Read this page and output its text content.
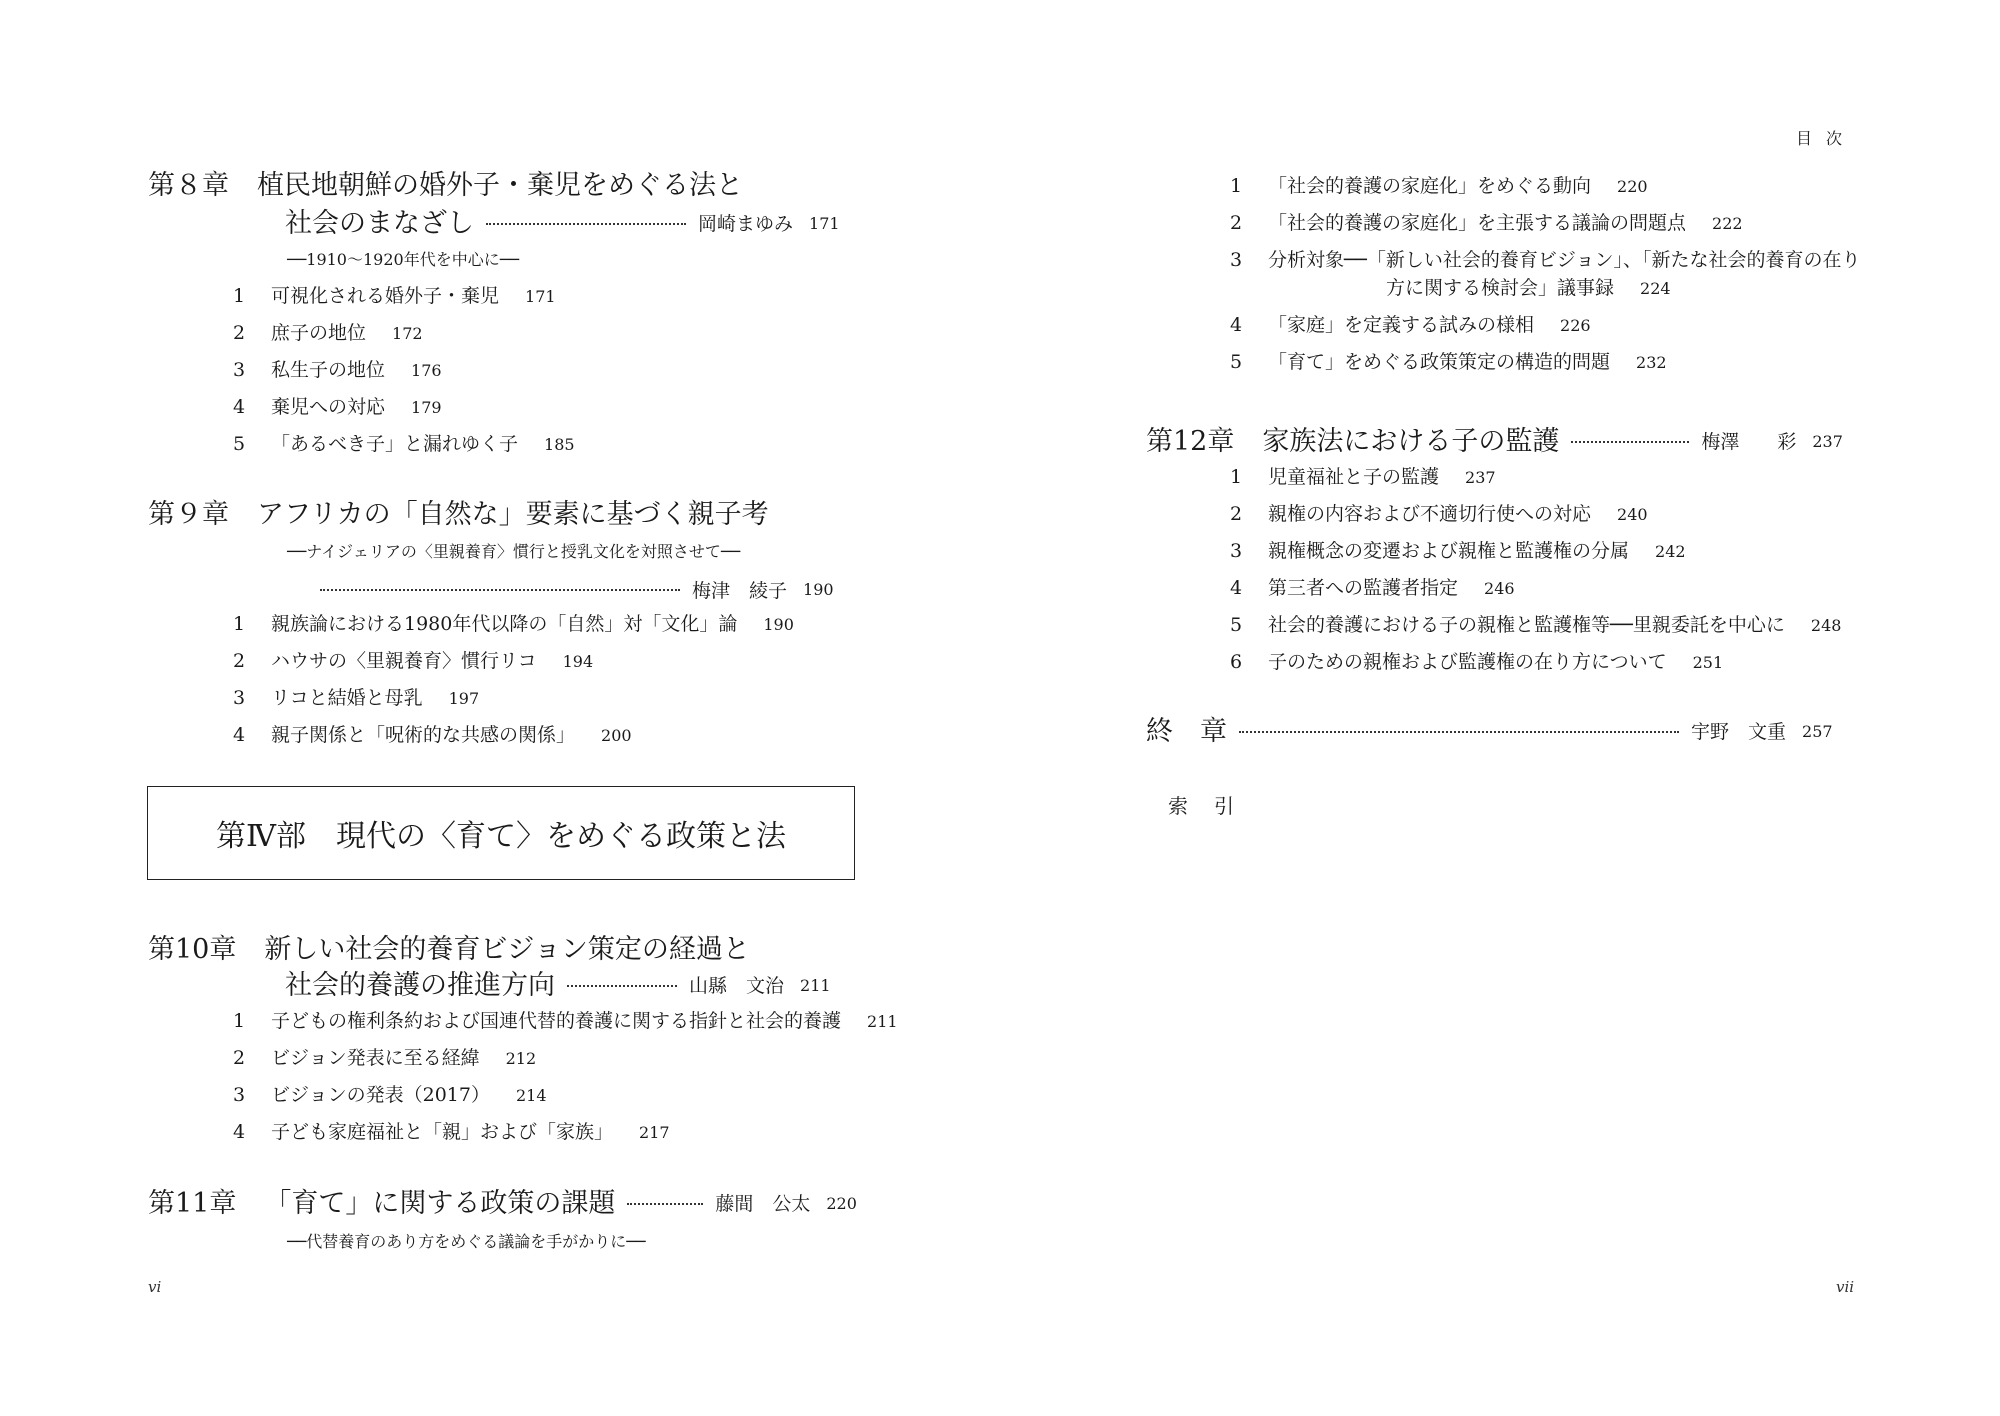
第８章 植民地朝鮮の婚外子・棄児をめぐる法と
社会のまなざし	岡崎まゆみ 171
──1910～1920年代を中心に──
1 可視化される婚外子・棄児 171
2 庶子の地位 172
3 私生子の地位 176
4 棄児への対応 179
5 「あるべき子」と漏れゆく子 185
第９章 アフリカの「自然な」要素に基づく親子考
──ナイジェリアの〈里親養育〉慣行と授乳文化を対照させて──
梅津　綾子 190
1 親族論における1980年代以降の「自然」対「文化」論 190
2 ハウサの〈里親養育〉慣行リコ 194
3 リコと結婚と母乳 197
4 親子関係と「呪術的な共感の関係」 200
第Ⅳ部　現代の〈育て〉をめぐる政策と法
第10章 新しい社会的養育ビジョン策定の経過と
社会的養護の推進方向	山縣　文治 211
1 子どもの権利条約および国連代替的養護に関する指針と社会的養護 211
2 ビジョン発表に至る経緯 212
3 ビジョンの発表（2017） 214
4 子ども家庭福祉と「親」および「家族」 217
第11章 「育て」に関する政策の課題	藤間　公太 220
──代替養育のあり方をめぐる議論を手がかりに──
vi
目次
1 「社会的養護の家庭化」をめぐる動向 220
2 「社会的養護の家庭化」を主張する議論の問題点 222
3 分析対象──「新しい社会的養育ビジョン」、「新たな社会的養育の在り
方に関する検討会」議事録 224
4 「家庭」を定義する試みの様相 226
5 「育て」をめぐる政策策定の構造的問題 232
第12章 家族法における子の監護	梅澤　　彩 237
1 児童福祉と子の監護 237
2 親権の内容および不適切行使への対応 240
3 親権概念の変遷および親権と監護権の分属 242
4 第三者への監護者指定 246
5 社会的養護における子の親権と監護権等──里親委託を中心に 248
6 子のための親権および監護権の在り方について 251
終　章	宇野　文重 257
索引
vii
